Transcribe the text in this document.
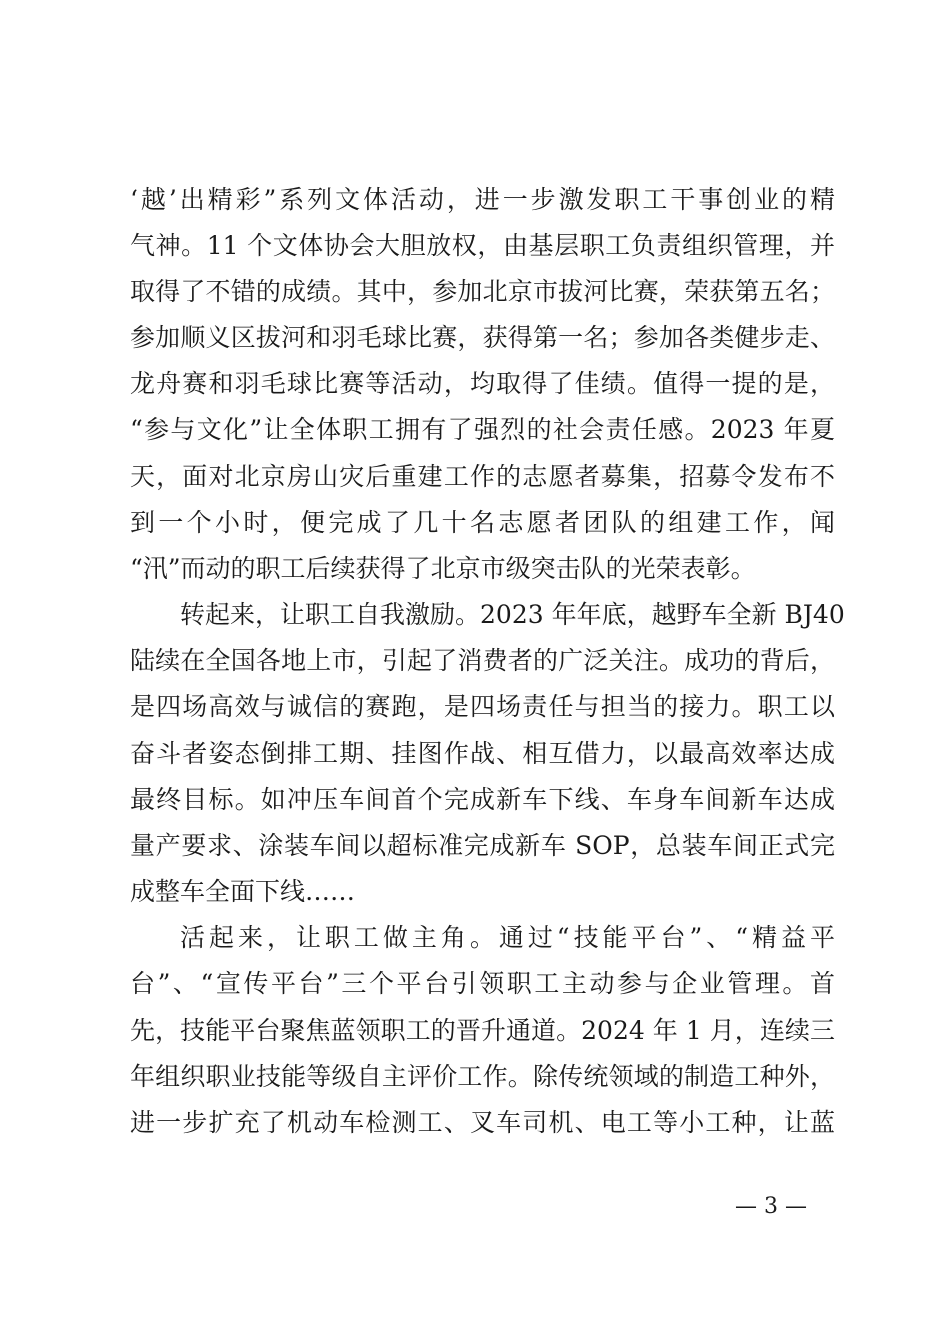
‘越’出精彩”系列文体活动，进一步激发职工干事创业的精
气神。11 个文体协会大胆放权，由基层职工负责组织管理，并
取得了不错的成绩。其中，参加北京市拔河比赛，荣获第五名；
参加顺义区拔河和羽毛球比赛，获得第一名；参加各类健步走、
龙舟赛和羽毛球比赛等活动，均取得了佳绩。值得一提的是，
“参与文化”让全体职工拥有了强烈的社会责任感。2023 年夏
天，面对北京房山灾后重建工作的志愿者募集，招募令发布不
到一个小时，便完成了几十名志愿者团队的组建工作，闻
“汛”而动的职工后续获得了北京市级突击队的光荣表彰。
转起来，让职工自我激励。2023 年年底，越野车全新 BJ40
陆续在全国各地上市，引起了消费者的广泛关注。成功的背后，
是四场高效与诚信的赛跑，是四场责任与担当的接力。职工以
奋斗者姿态倒排工期、挂图作战、相互借力，以最高效率达成
最终目标。如冲压车间首个完成新车下线、车身车间新车达成
量产要求、涂装车间以超标准完成新车 SOP，总装车间正式完
成整车全面下线……
活起来，让职工做主角。通过“技能平台”、“精益平
台”、“宣传平台”三个平台引领职工主动参与企业管理。首
先，技能平台聚焦蓝领职工的晋升通道。2024 年 1 月，连续三
年组织职业技能等级自主评价工作。除传统领域的制造工种外，
进一步扩充了机动车检测工、叉车司机、电工等小工种，让蓝
— 3 —
